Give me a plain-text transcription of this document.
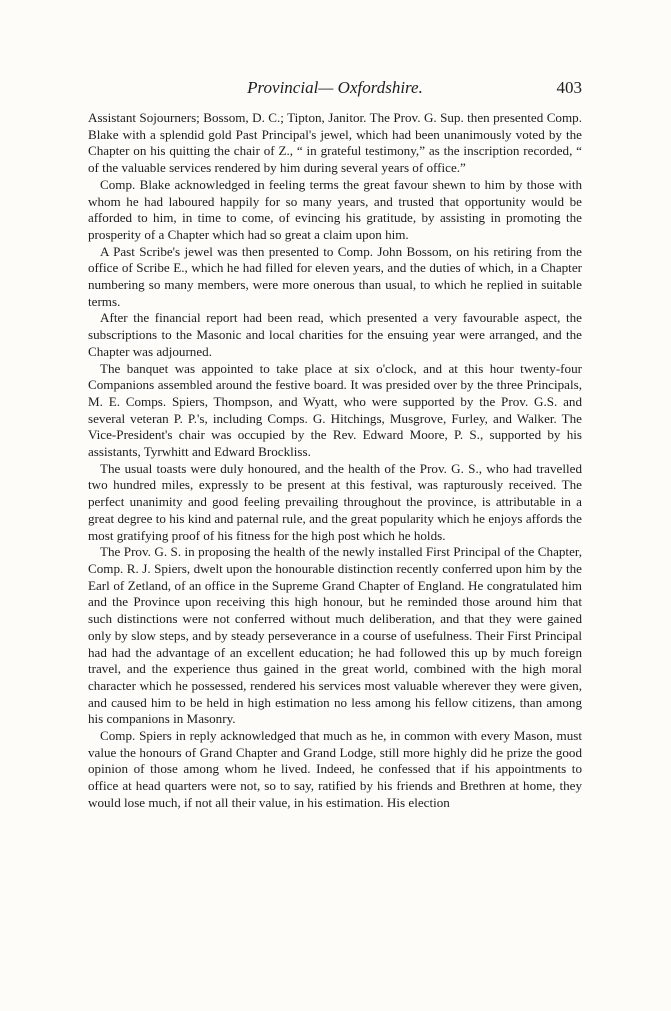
Provincial— Oxfordshire.	403

Assistant Sojourners; Bossom, D. C.; Tipton, Janitor. The Prov. G. Sup. then presented Comp. Blake with a splendid gold Past Principal's jewel, which had been unanimously voted by the Chapter on his quitting the chair of Z., “ in grateful testimony,” as the inscription recorded, “ of the valuable services rendered by him during several years of office.”

Comp. Blake acknowledged in feeling terms the great favour shewn to him by those with whom he had laboured happily for so many years, and trusted that opportunity would be afforded to him, in time to come, of evincing his gratitude, by assisting in promoting the prosperity of a Chapter which had so great a claim upon him.

A Past Scribe's jewel was then presented to Comp. John Bossom, on his retiring from the office of Scribe E., which he had filled for eleven years, and the duties of which, in a Chapter numbering so many members, were more onerous than usual, to which he replied in suitable terms.

After the financial report had been read, which presented a very favourable aspect, the subscriptions to the Masonic and local charities for the ensuing year were arranged, and the Chapter was adjourned.

The banquet was appointed to take place at six o'clock, and at this hour twenty-four Companions assembled around the festive board. It was presided over by the three Principals, M. E. Comps. Spiers, Thompson, and Wyatt, who were supported by the Prov. G.S. and several veteran P. P.'s, including Comps. G. Hitchings, Musgrove, Furley, and Walker. The Vice-President's chair was occupied by the Rev. Edward Moore, P. S., supported by his assistants, Tyrwhitt and Edward Brockliss.

The usual toasts were duly honoured, and the health of the Prov. G. S., who had travelled two hundred miles, expressly to be present at this festival, was rapturously received. The perfect unanimity and good feeling prevailing throughout the province, is attributable in a great degree to his kind and paternal rule, and the great popularity which he enjoys affords the most gratifying proof of his fitness for the high post which he holds.

The Prov. G. S. in proposing the health of the newly installed First Principal of the Chapter, Comp. R. J. Spiers, dwelt upon the honourable distinction recently conferred upon him by the Earl of Zetland, of an office in the Supreme Grand Chapter of England. He congratulated him and the Province upon receiving this high honour, but he reminded those around him that such distinctions were not conferred without much deliberation, and that they were gained only by slow steps, and by steady perseverance in a course of usefulness. Their First Principal had had the advantage of an excellent education; he had followed this up by much foreign travel, and the experience thus gained in the great world, combined with the high moral character which he possessed, rendered his services most valuable wherever they were given, and caused him to be held in high estimation no less among his fellow citizens, than among his companions in Masonry.

Comp. Spiers in reply acknowledged that much as he, in common with every Mason, must value the honours of Grand Chapter and Grand Lodge, still more highly did he prize the good opinion of those among whom he lived. Indeed, he confessed that if his appointments to office at head quarters were not, so to say, ratified by his friends and Brethren at home, they would lose much, if not all their value, in his estimation. His election
